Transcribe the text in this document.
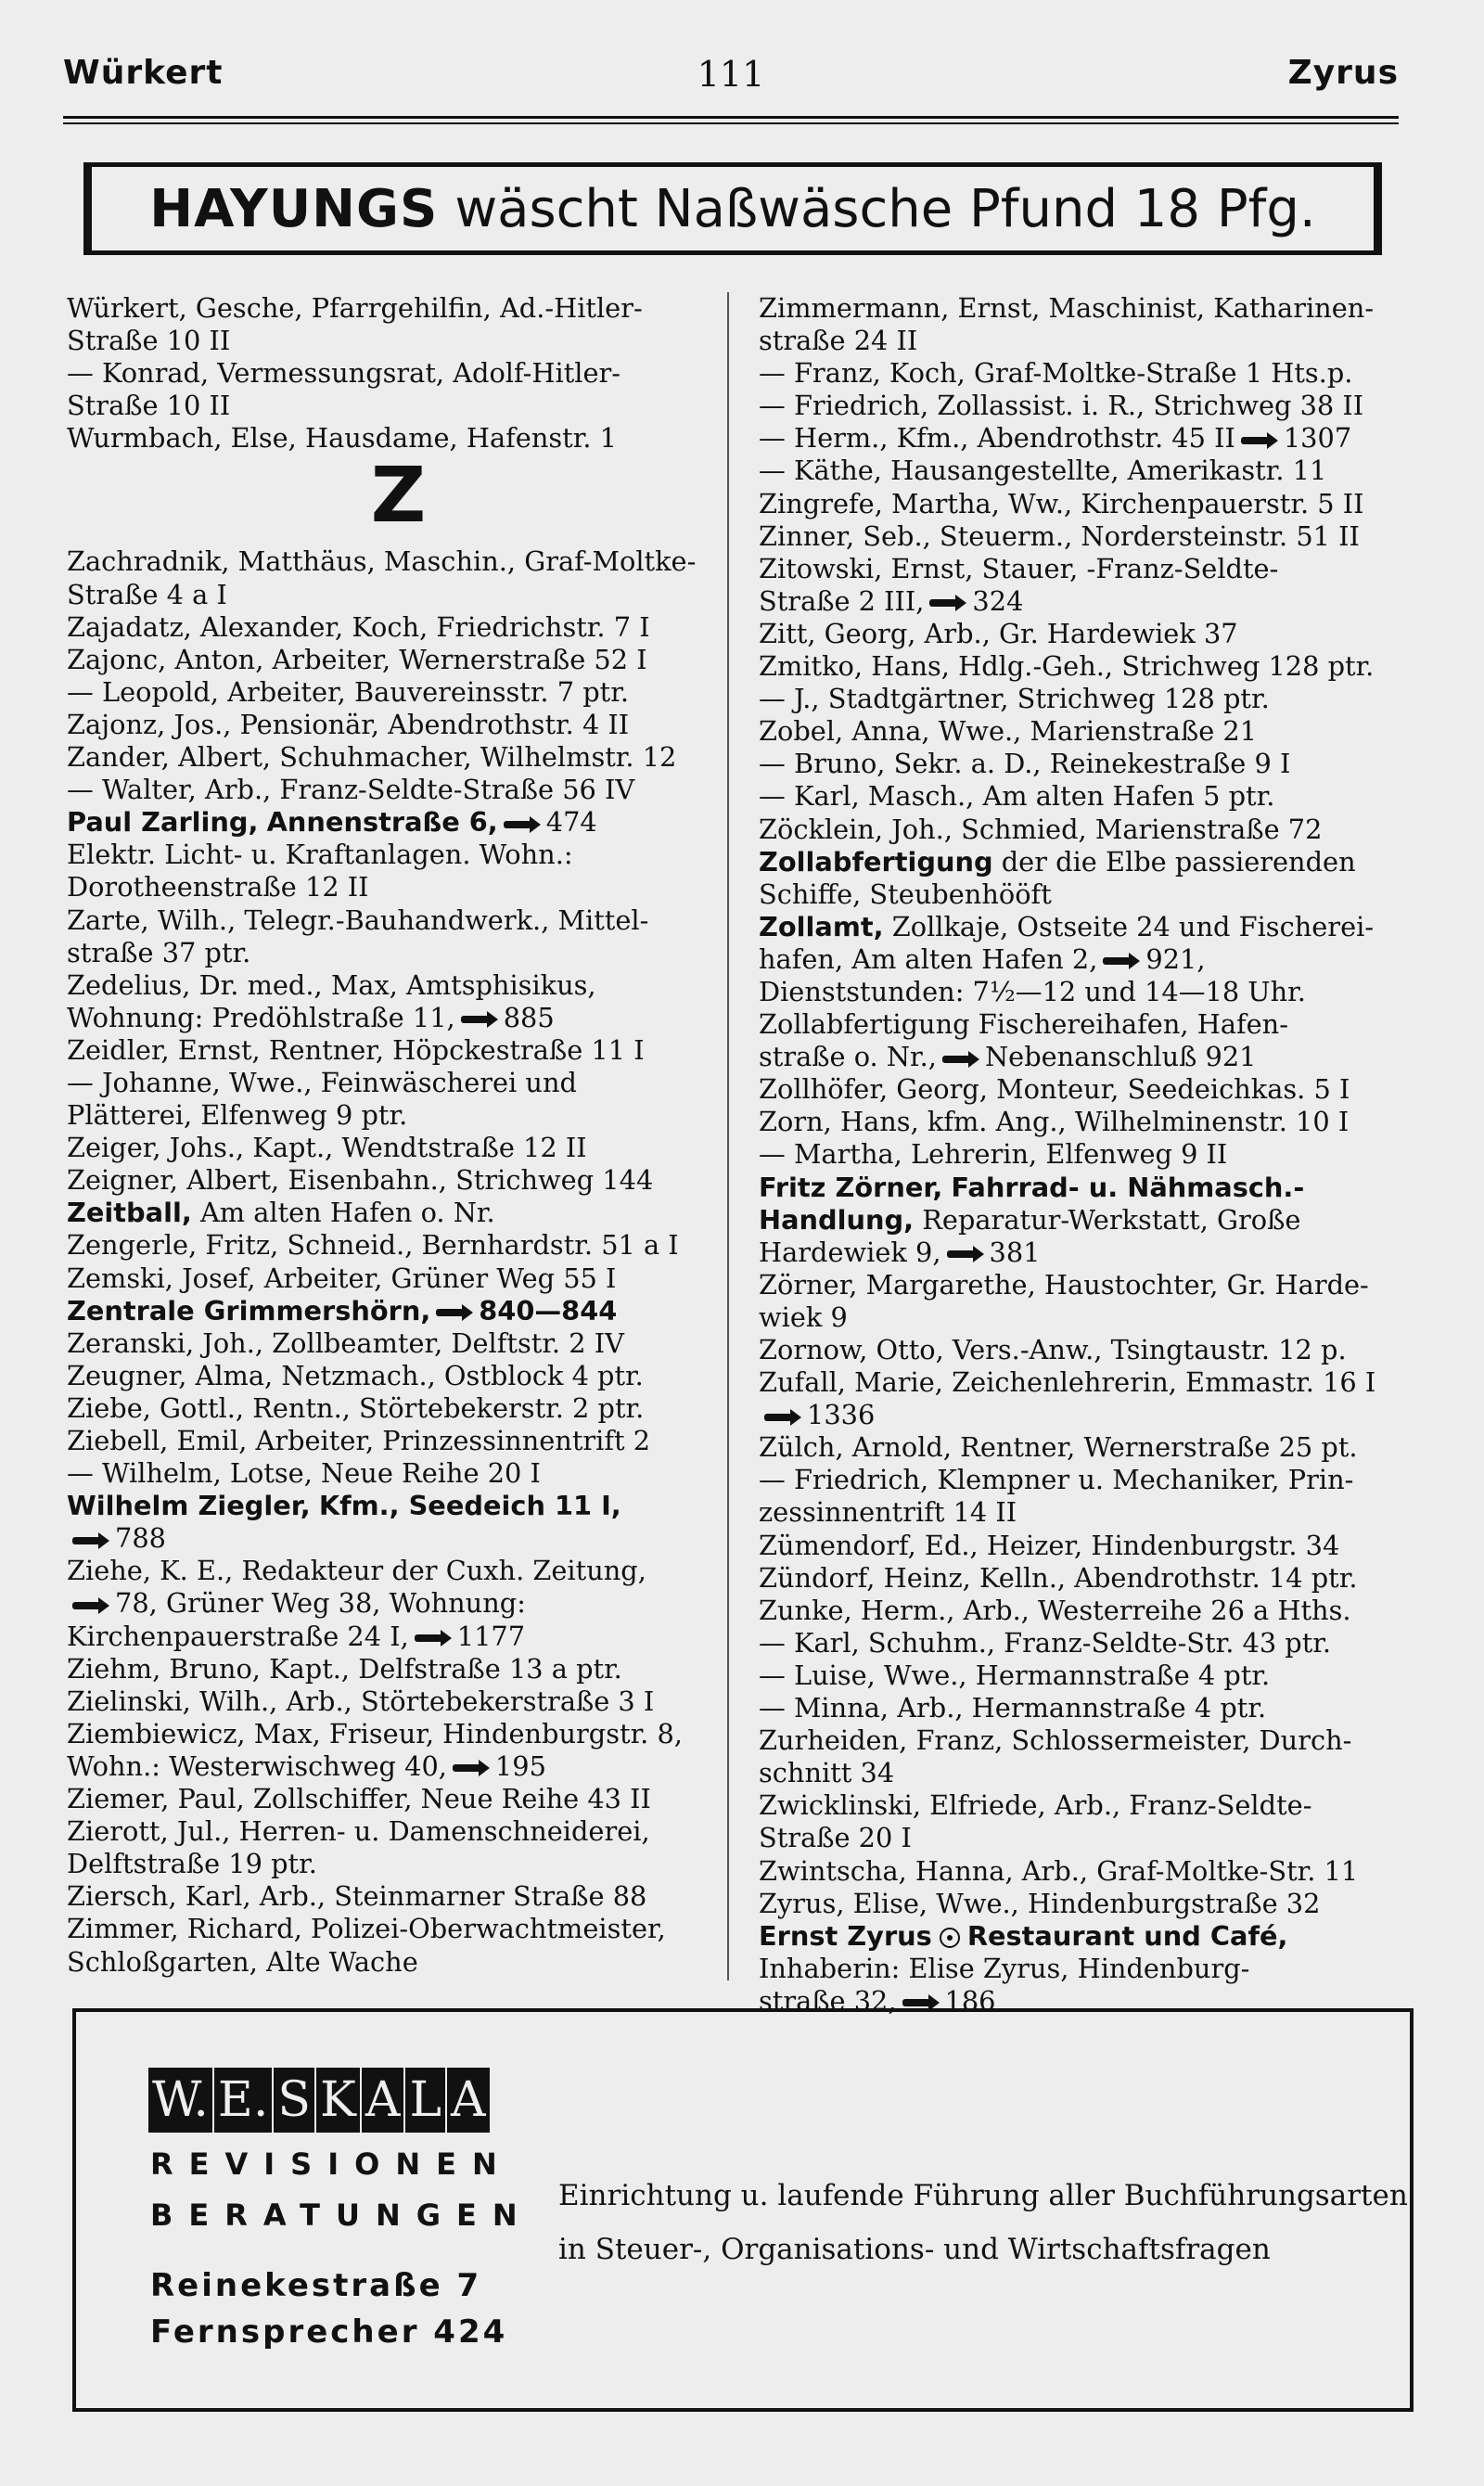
111
Würkert	Zyrus
HAYUNGS wäscht Naßwäsche Pfund 18 Pfg.
Würkert, Gesche, Pfarrgehilfin, Ad.-Hitler-
Straße 10 II
— Konrad, Vermessungsrat, Adolf-Hitler-
Straße 10 II
Wurmbach, Else, Hausdame, Hafenstr. 1
Z
Zachradnik, Matthäus, Maschin., Graf-Moltke-
Straße 4 a I
Zajadatz, Alexander, Koch, Friedrichstr. 7 I
Zajonc, Anton, Arbeiter, Wernerstraße 52 I
— Leopold, Arbeiter, Bauvereinsstr. 7 ptr.
Zajonz, Jos., Pensionär, Abendrothstr. 4 II
Zander, Albert, Schuhmacher, Wilhelmstr. 12
— Walter, Arb., Franz-Seldte-Straße 56 IV
Paul Zarling, Annenstraße 6, 474
Elektr. Licht- u. Kraftanlagen. Wohn.:
Dorotheenstraße 12 II
Zarte, Wilh., Telegr.-Bauhandwerk., Mittel-
straße 37 ptr.
Zedelius, Dr. med., Max, Amtsphisikus,
Wohnung: Predöhlstraße 11, 885
Zeidler, Ernst, Rentner, Höpckestraße 11 I
— Johanne, Wwe., Feinwäscherei und
Plätterei, Elfenweg 9 ptr.
Zeiger, Johs., Kapt., Wendtstraße 12 II
Zeigner, Albert, Eisenbahn., Strichweg 144
Zeitball, Am alten Hafen o. Nr.
Zengerle, Fritz, Schneid., Bernhardstr. 51 a I
Zemski, Josef, Arbeiter, Grüner Weg 55 I
Zentrale Grimmershörn, 840—844
Zeranski, Joh., Zollbeamter, Delftstr. 2 IV
Zeugner, Alma, Netzmach., Ostblock 4 ptr.
Ziebe, Gottl., Rentn., Störtebekerstr. 2 ptr.
Ziebell, Emil, Arbeiter, Prinzessinnentrift 2
— Wilhelm, Lotse, Neue Reihe 20 I
Wilhelm Ziegler, Kfm., Seedeich 11 I,
788
Ziehe, K. E., Redakteur der Cuxh. Zeitung,
78, Grüner Weg 38, Wohnung:
Kirchenpauerstraße 24 I, 1177
Ziehm, Bruno, Kapt., Delfstraße 13 a ptr.
Zielinski, Wilh., Arb., Störtebekerstraße 3 I
Ziembiewicz, Max, Friseur, Hindenburgstr. 8,
Wohn.: Westerwischweg 40, 195
Ziemer, Paul, Zollschiffer, Neue Reihe 43 II
Zierott, Jul., Herren- u. Damenschneiderei,
Delftstraße 19 ptr.
Ziersch, Karl, Arb., Steinmarner Straße 88
Zimmer, Richard, Polizei-Oberwachtmeister,
Schloßgarten, Alte Wache
Zimmermann, Ernst, Maschinist, Katharinen-
straße 24 II
— Franz, Koch, Graf-Moltke-Straße 1 Hts.p.
— Friedrich, Zollassist. i. R., Strichweg 38 II
— Herm., Kfm., Abendrothstr. 45 II 1307
— Käthe, Hausangestellte, Amerikastr. 11
Zingrefe, Martha, Ww., Kirchenpauerstr. 5 II
Zinner, Seb., Steuerm., Nordersteinstr. 51 II
Zitowski, Ernst, Stauer, -Franz-Seldte-
Straße 2 III, 324
Zitt, Georg, Arb., Gr. Hardewiek 37
Zmitko, Hans, Hdlg.-Geh., Strichweg 128 ptr.
— J., Stadtgärtner, Strichweg 128 ptr.
Zobel, Anna, Wwe., Marienstraße 21
— Bruno, Sekr. a. D., Reinekestraße 9 I
— Karl, Masch., Am alten Hafen 5 ptr.
Zöcklein, Joh., Schmied, Marienstraße 72
Zollabfertigung der die Elbe passierenden
Schiffe, Steubenhööft
Zollamt, Zollkaje, Ostseite 24 und Fischerei-
hafen, Am alten Hafen 2, 921,
Dienststunden: 7½—12 und 14—18 Uhr.
Zollabfertigung Fischereihafen, Hafen-
straße o. Nr., Nebenanschluß 921
Zollhöfer, Georg, Monteur, Seedeichkas. 5 I
Zorn, Hans, kfm. Ang., Wilhelminenstr. 10 I
— Martha, Lehrerin, Elfenweg 9 II
Fritz Zörner, Fahrrad- u. Nähmasch.-
Handlung, Reparatur-Werkstatt, Große
Hardewiek 9, 381
Zörner, Margarethe, Haustochter, Gr. Harde-
wiek 9
Zornow, Otto, Vers.-Anw., Tsingtaustr. 12 p.
Zufall, Marie, Zeichenlehrerin, Emmastr. 16 I
1336
Zülch, Arnold, Rentner, Wernerstraße 25 pt.
— Friedrich, Klempner u. Mechaniker, Prin-
zessinnentrift 14 II
Zümendorf, Ed., Heizer, Hindenburgstr. 34
Zündorf, Heinz, Kelln., Abendrothstr. 14 ptr.
Zunke, Herm., Arb., Westerreihe 26 a Hths.
— Karl, Schuhm., Franz-Seldte-Str. 43 ptr.
— Luise, Wwe., Hermannstraße 4 ptr.
— Minna, Arb., Hermannstraße 4 ptr.
Zurheiden, Franz, Schlossermeister, Durch-
schnitt 34
Zwicklinski, Elfriede, Arb., Franz-Seldte-
Straße 20 I
Zwintscha, Hanna, Arb., Graf-Moltke-Str. 11
Zyrus, Elise, Wwe., Hindenburgstraße 32
Ernst Zyrus Restaurant und Café,
Inhaberin: Elise Zyrus, Hindenburg-
straße 32, 186
W. E. S K A L A
REVISIONEN
BERATUNGEN
Reinekestraße 7
Fernsprecher 424
Einrichtung u. laufende Führung aller Buchführungsarten
in Steuer-, Organisations- und Wirtschaftsfragen
